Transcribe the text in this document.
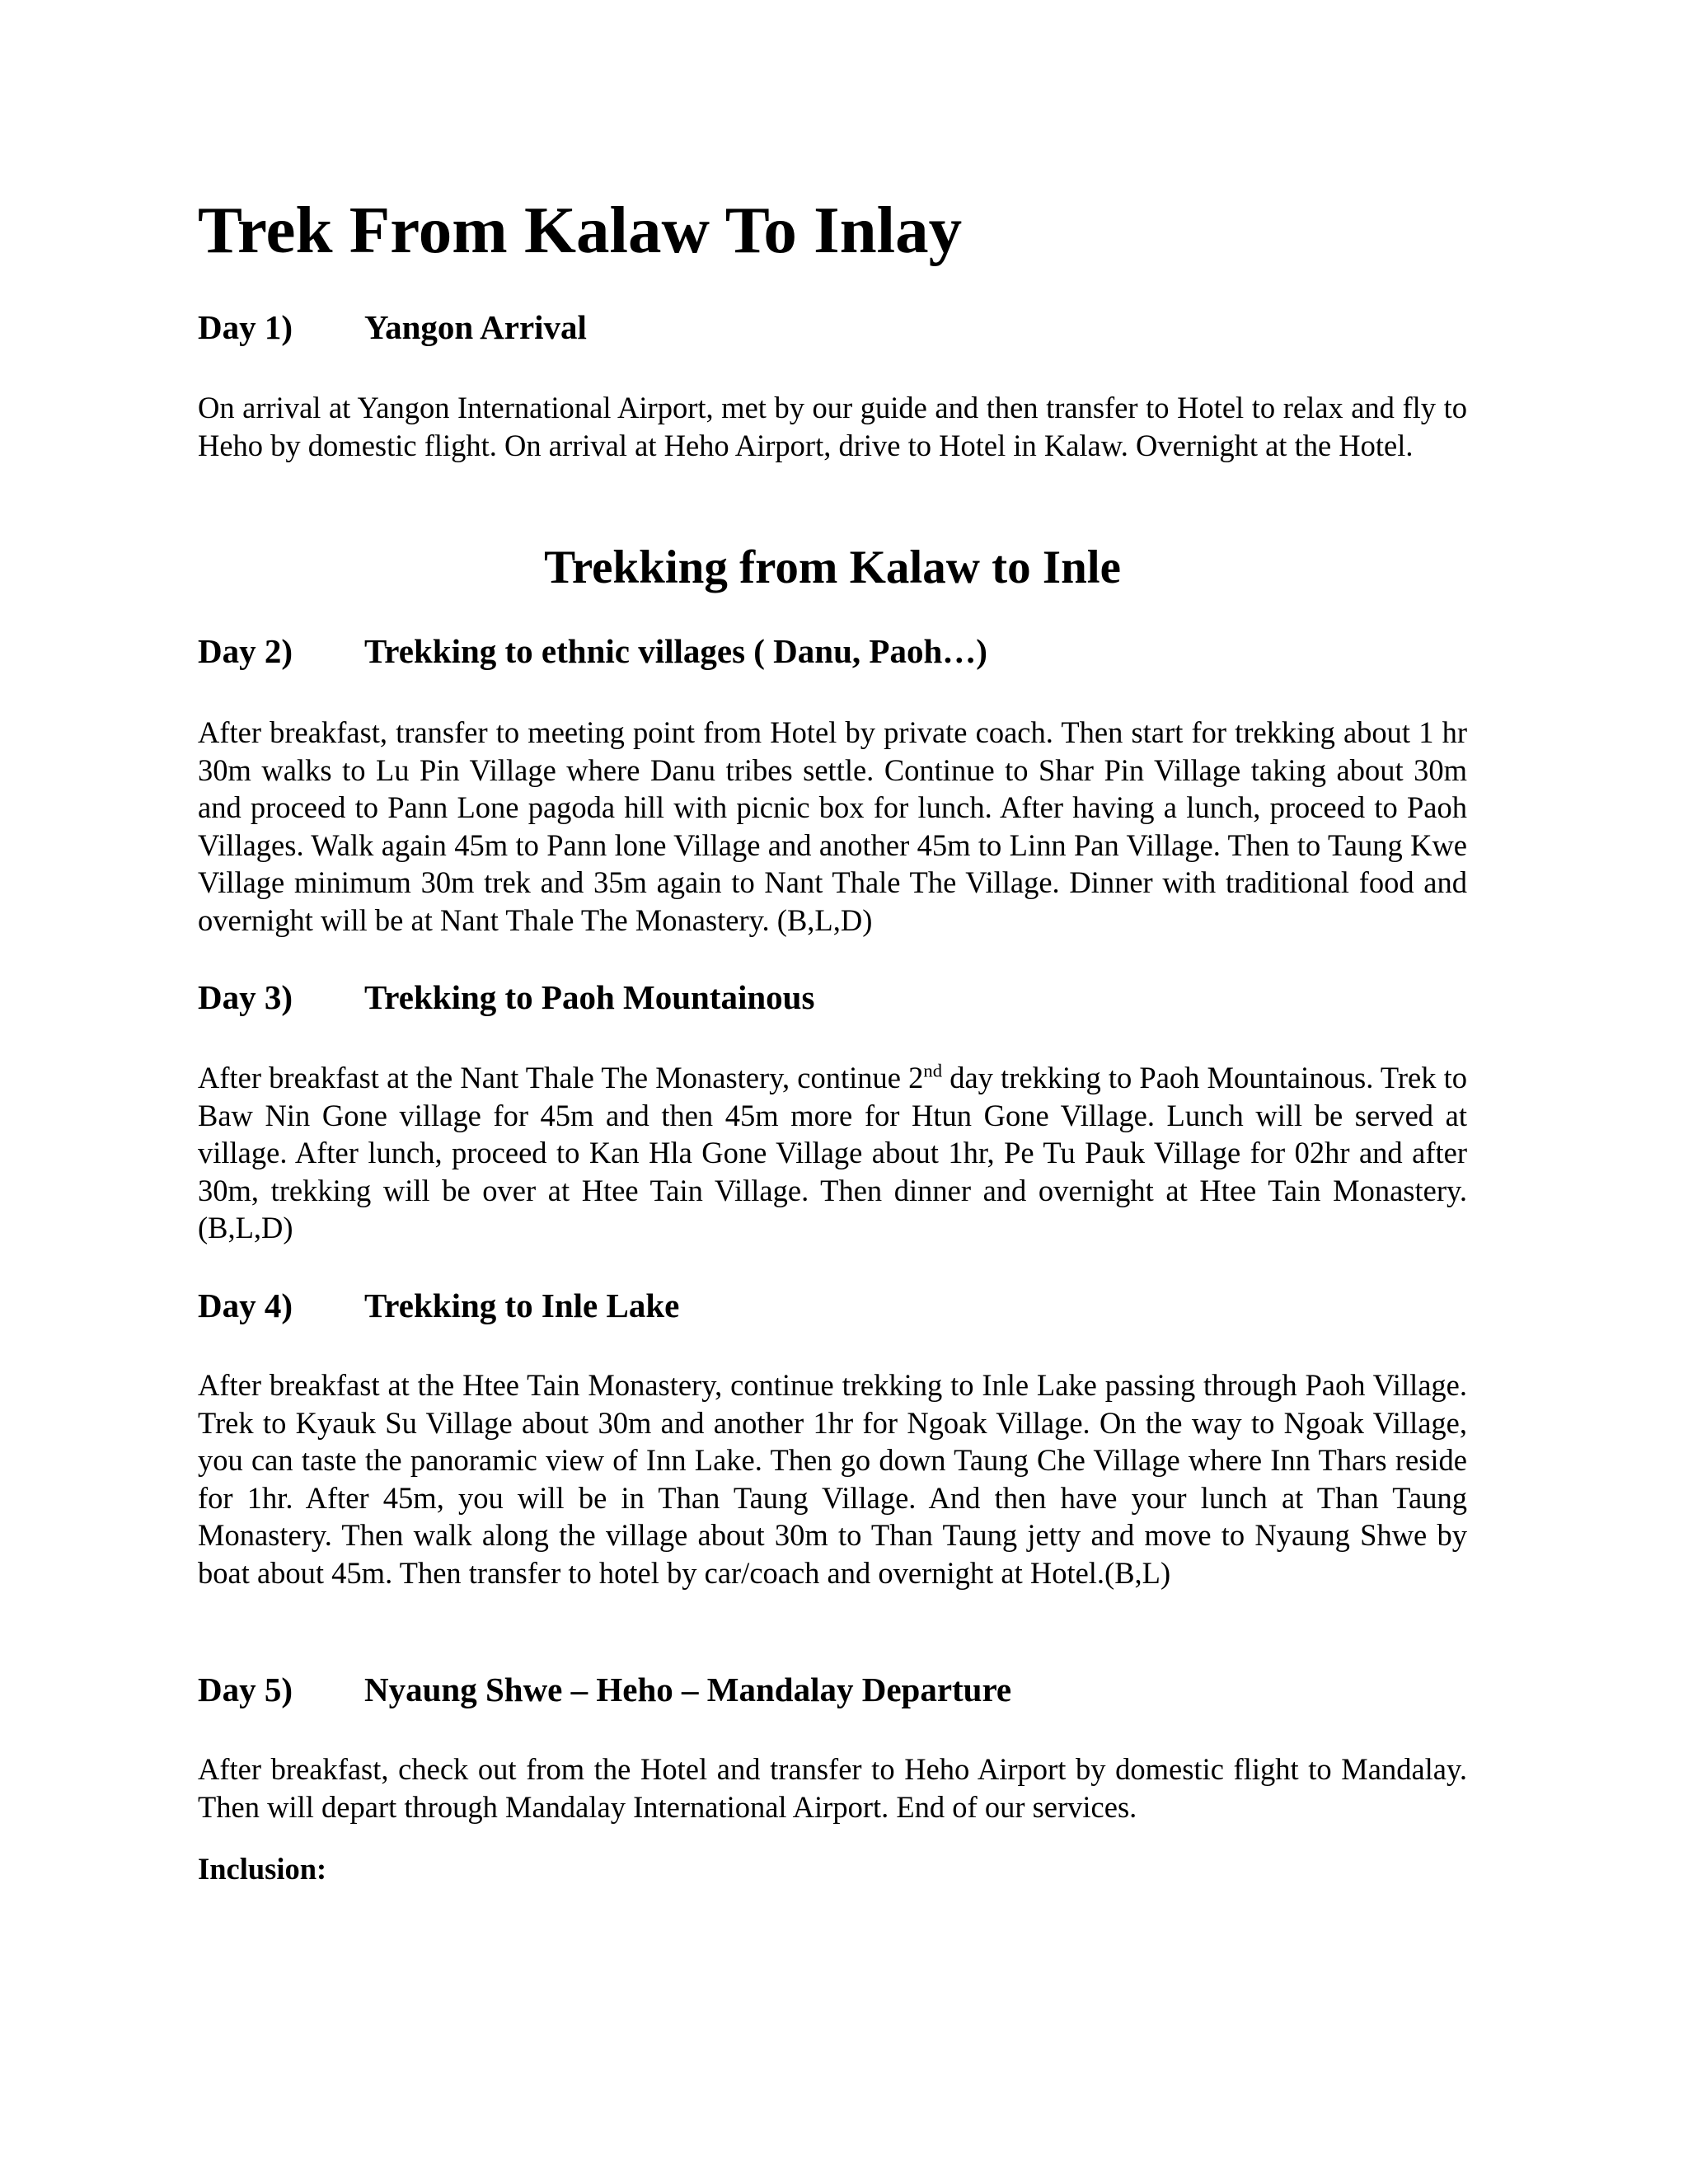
Trek From Kalaw To Inlay
Day 1) Yangon Arrival

On arrival at Yangon International Airport, met by our guide and then transfer to Hotel to relax and fly to Heho by domestic flight. On arrival at Heho Airport, drive to Hotel in Kalaw. Overnight at the Hotel.

Trekking from Kalaw to Inle
Day 2) Trekking to ethnic villages ( Danu, Paoh…)

After breakfast, transfer to meeting point from Hotel by private coach. Then start for trekking about 1 hr 30m walks to Lu Pin Village where Danu tribes settle. Continue to Shar Pin Village taking about 30m and proceed to Pann Lone pagoda hill with picnic box for lunch. After having a lunch, proceed to Paoh Villages. Walk again 45m to Pann lone Village and another 45m to Linn Pan Village. Then to Taung Kwe Village minimum 30m trek and 35m again to Nant Thale The Village. Dinner with traditional food and overnight will be at Nant Thale The Monastery. (B,L,D)

Day 3) Trekking to Paoh Mountainous

After breakfast at the Nant Thale The Monastery, continue 2nd day trekking to Paoh Mountainous. Trek to Baw Nin Gone village for 45m and then 45m more for Htun Gone Village. Lunch will be served at village. After lunch, proceed to Kan Hla Gone Village about 1hr, Pe Tu Pauk Village for 02hr and after 30m, trekking will be over at Htee Tain Village. Then dinner and overnight at Htee Tain Monastery.(B,L,D)

Day 4) Trekking to Inle Lake

After breakfast at the Htee Tain Monastery, continue trekking to Inle Lake passing through Paoh Village. Trek to Kyauk Su Village about 30m and another 1hr for Ngoak Village. On the way to Ngoak Village, you can taste the panoramic view of Inn Lake. Then go down Taung Che Village where Inn Thars reside for 1hr. After 45m, you will be in Than Taung Village. And then have your lunch at Than Taung Monastery. Then walk along the village about 30m to Than Taung jetty and move to Nyaung Shwe by boat about 45m. Then transfer to hotel by car/coach and overnight at Hotel.(B,L)

Day 5) Nyaung Shwe – Heho – Mandalay Departure

After breakfast, check out from the Hotel and transfer to Heho Airport by domestic flight to Mandalay. Then will depart through Mandalay International Airport. End of our services.

Inclusion:
